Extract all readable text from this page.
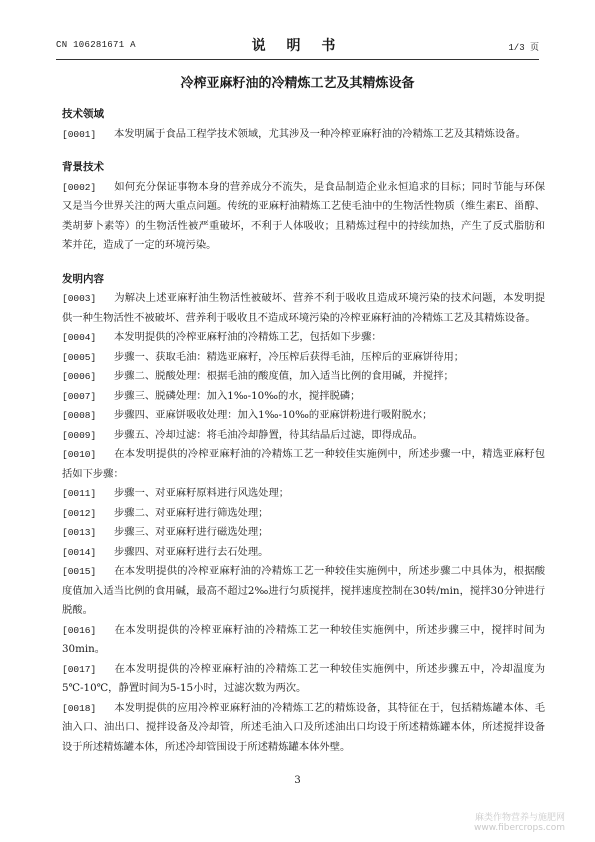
CN 106281671 A	说 明 书	1/3 页
冷榨亚麻籽油的冷精炼工艺及其精炼设备
技术领域
[0001] 本发明属于食品工程学技术领域，尤其涉及一种冷榨亚麻籽油的冷精炼工艺及其精炼设备。
背景技术
[0002] 如何充分保证事物本身的营养成分不流失，是食品制造企业永恒追求的目标；同时节能与环保又是当今世界关注的两大重点问题。传统的亚麻籽油精炼工艺使毛油中的生物活性物质（维生素E、甾醇、类胡萝卜素等）的生物活性被严重破坏，不利于人体吸收；且精炼过程中的持续加热，产生了反式脂肪和苯并芘，造成了一定的环境污染。
发明内容
[0003] 为解决上述亚麻籽油生物活性被破坏、营养不利于吸收且造成环境污染的技术问题，本发明提供一种生物活性不被破坏、营养利于吸收且不造成环境污染的冷榨亚麻籽油的冷精炼工艺及其精炼设备。
[0004] 本发明提供的冷榨亚麻籽油的冷精炼工艺，包括如下步骤：
[0005] 步骤一、获取毛油：精选亚麻籽，冷压榨后获得毛油，压榨后的亚麻饼待用；
[0006] 步骤二、脱酸处理：根据毛油的酸度值，加入适当比例的食用碱，并搅拌；
[0007] 步骤三、脱磷处理：加入1‰-10‰的水，搅拌脱磷；
[0008] 步骤四、亚麻饼吸收处理：加入1‰-10‰的亚麻饼粉进行吸附脱水；
[0009] 步骤五、冷却过滤：将毛油冷却静置，待其结晶后过滤，即得成品。
[0010] 在本发明提供的冷榨亚麻籽油的冷精炼工艺一种较佳实施例中，所述步骤一中，精选亚麻籽包括如下步骤：
[0011] 步骤一、对亚麻籽原料进行风选处理；
[0012] 步骤二、对亚麻籽进行筛选处理；
[0013] 步骤三、对亚麻籽进行磁选处理；
[0014] 步骤四、对亚麻籽进行去石处理。
[0015] 在本发明提供的冷榨亚麻籽油的冷精炼工艺一种较佳实施例中，所述步骤二中具体为，根据酸度值加入适当比例的食用碱，最高不超过2‰进行匀质搅拌，搅拌速度控制在30转/min，搅拌30分钟进行脱酸。
[0016] 在本发明提供的冷榨亚麻籽油的冷精炼工艺一种较佳实施例中，所述步骤三中，搅拌时间为30min。
[0017] 在本发明提供的冷榨亚麻籽油的冷精炼工艺一种较佳实施例中，所述步骤五中，冷却温度为5℃-10℃，静置时间为5-15小时，过滤次数为两次。
[0018] 本发明提供的应用冷榨亚麻籽油的冷精炼工艺的精炼设备，其特征在于，包括精炼罐本体、毛油入口、油出口、搅拌设备及冷却管，所述毛油入口及所述油出口均设于所述精炼罐本体，所述搅拌设备设于所述精炼罐本体，所述冷却管围设于所述精炼罐本体外壁。
3
麻类作物营养与施肥网
www.fibercrops.com
